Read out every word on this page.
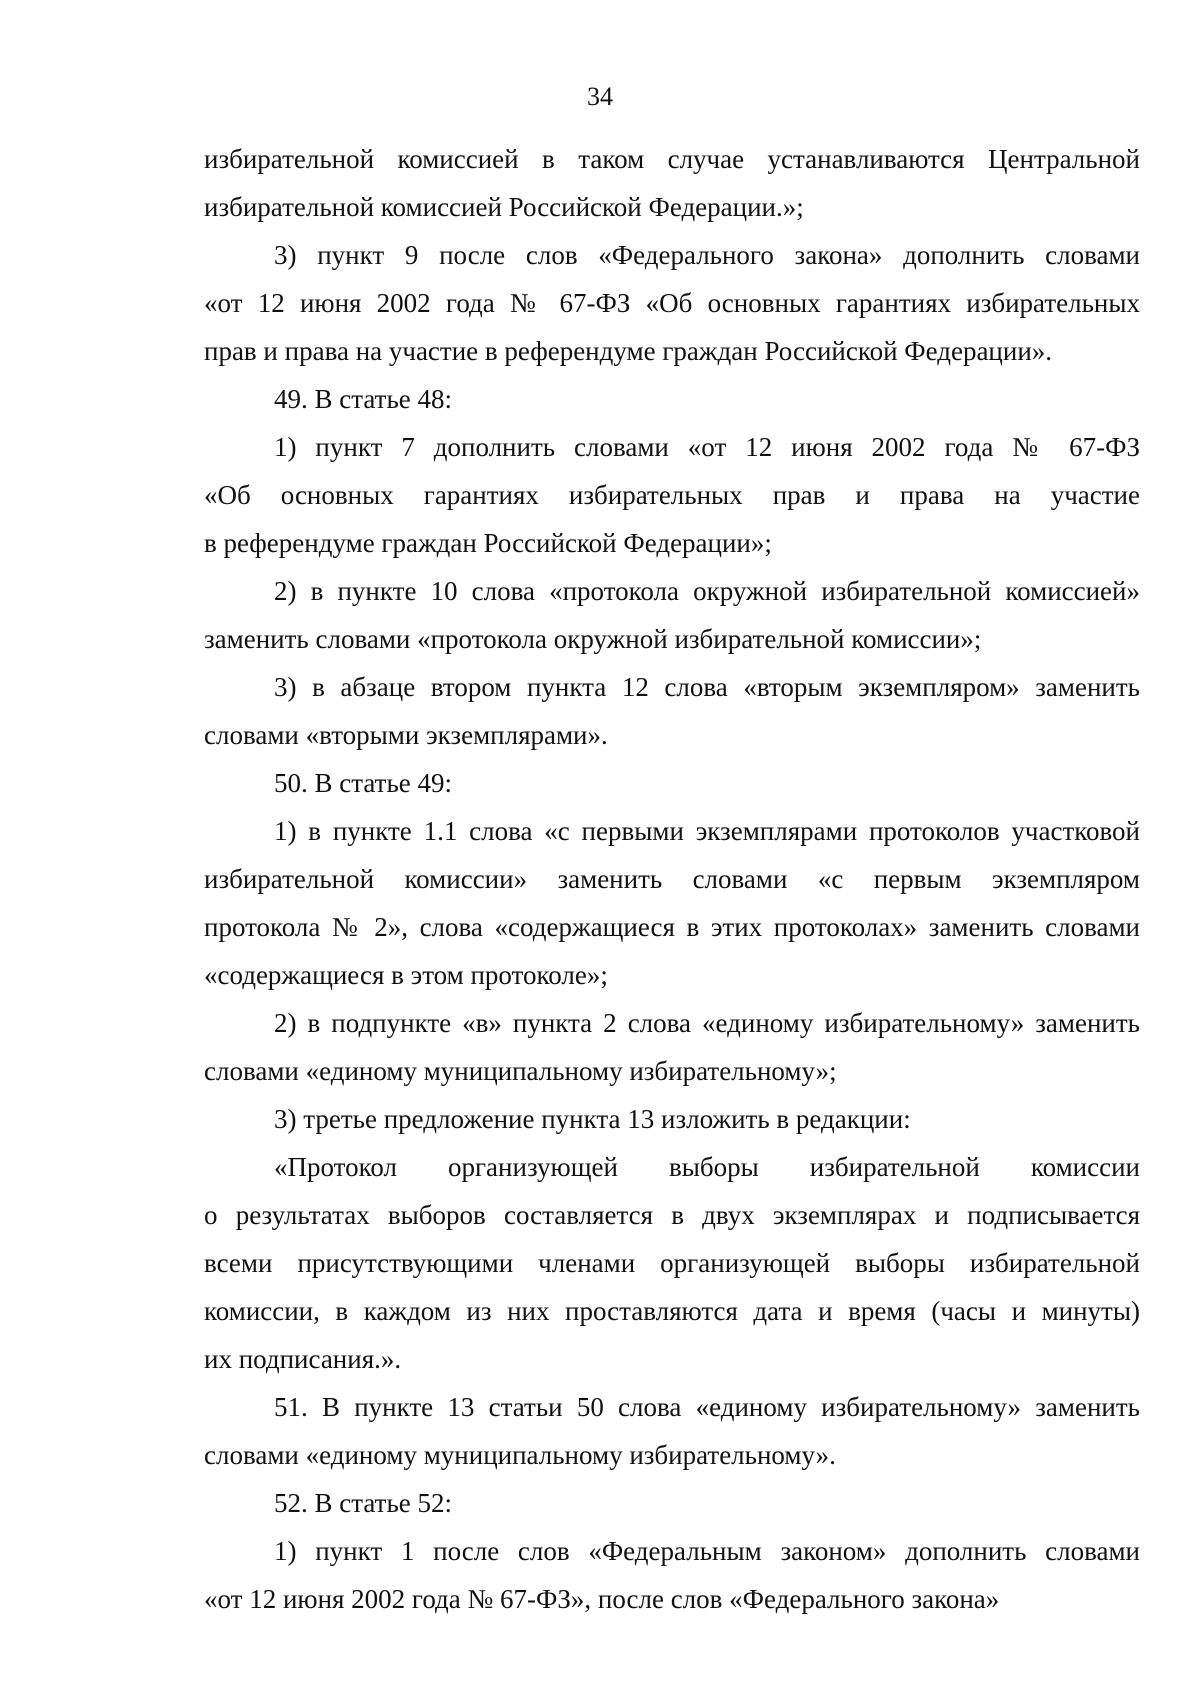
34
избирательной комиссией в таком случае устанавливаются Центральной
избирательной комиссией Российской Федерации.»;
3) пункт 9 после слов «Федерального закона» дополнить словами
«от 12 июня 2002 года № 67-ФЗ «Об основных гарантиях избирательных
прав и права на участие в референдуме граждан Российской Федерации».
49. В статье 48:
1) пункт 7 дополнить словами «от 12 июня 2002 года № 67-ФЗ
«Об основных гарантиях избирательных прав и права на участие
в референдуме граждан Российской Федерации»;
2) в пункте 10 слова «протокола окружной избирательной комиссией»
заменить словами «протокола окружной избирательной комиссии»;
3) в абзаце втором пункта 12 слова «вторым экземпляром» заменить
словами «вторыми экземплярами».
50. В статье 49:
1) в пункте 1.1 слова «с первыми экземплярами протоколов участковой
избирательной комиссии» заменить словами «с первым экземпляром
протокола № 2», слова «содержащиеся в этих протоколах» заменить словами
«содержащиеся в этом протоколе»;
2) в подпункте «в» пункта 2 слова «единому избирательному» заменить
словами «единому муниципальному избирательному»;
3) третье предложение пункта 13 изложить в редакции:
«Протокол организующей выборы избирательной комиссии
о результатах выборов составляется в двух экземплярах и подписывается
всеми присутствующими членами организующей выборы избирательной
комиссии, в каждом из них проставляются дата и время (часы и минуты)
их подписания.».
51. В пункте 13 статьи 50 слова «единому избирательному» заменить
словами «единому муниципальному избирательному».
52. В статье 52:
1) пункт 1 после слов «Федеральным законом» дополнить словами
«от 12 июня 2002 года № 67-ФЗ», после слов «Федерального закона»
